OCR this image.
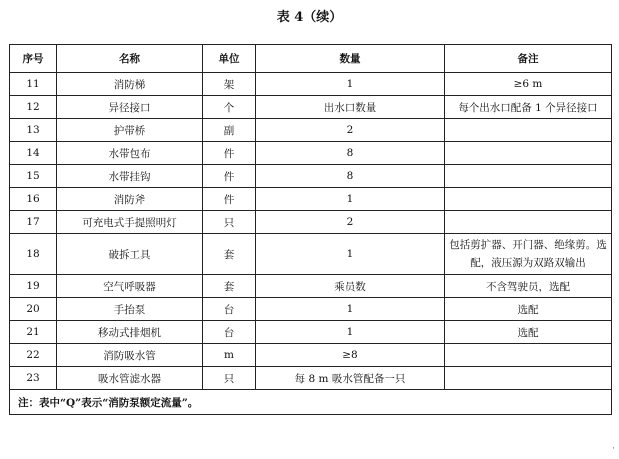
表 4（续）
序号	名称	单位	数量	备注
11	消防梯	架	1	≥6 m
12	异径接口	个	出水口数量	每个出水口配备 1 个异径接口
13	护带桥	副	2	
14	水带包布	件	8	
15	水带挂钩	件	8	
16	消防斧	件	1	
17	可充电式手提照明灯	只	2	
18	破拆工具	套	1	包括剪扩器、开门器、绝缘剪。选配，液压源为双路双输出
19	空气呼吸器	套	乘员数	不含驾驶员，选配
20	手抬泵	台	1	选配
21	移动式排烟机	台	1	选配
22	消防吸水管	m	≥8	
23	吸水管滤水器	只	每 8 m 吸水管配备一只	
注：表中“Q”表示“消防泵额定流量”。				
·
